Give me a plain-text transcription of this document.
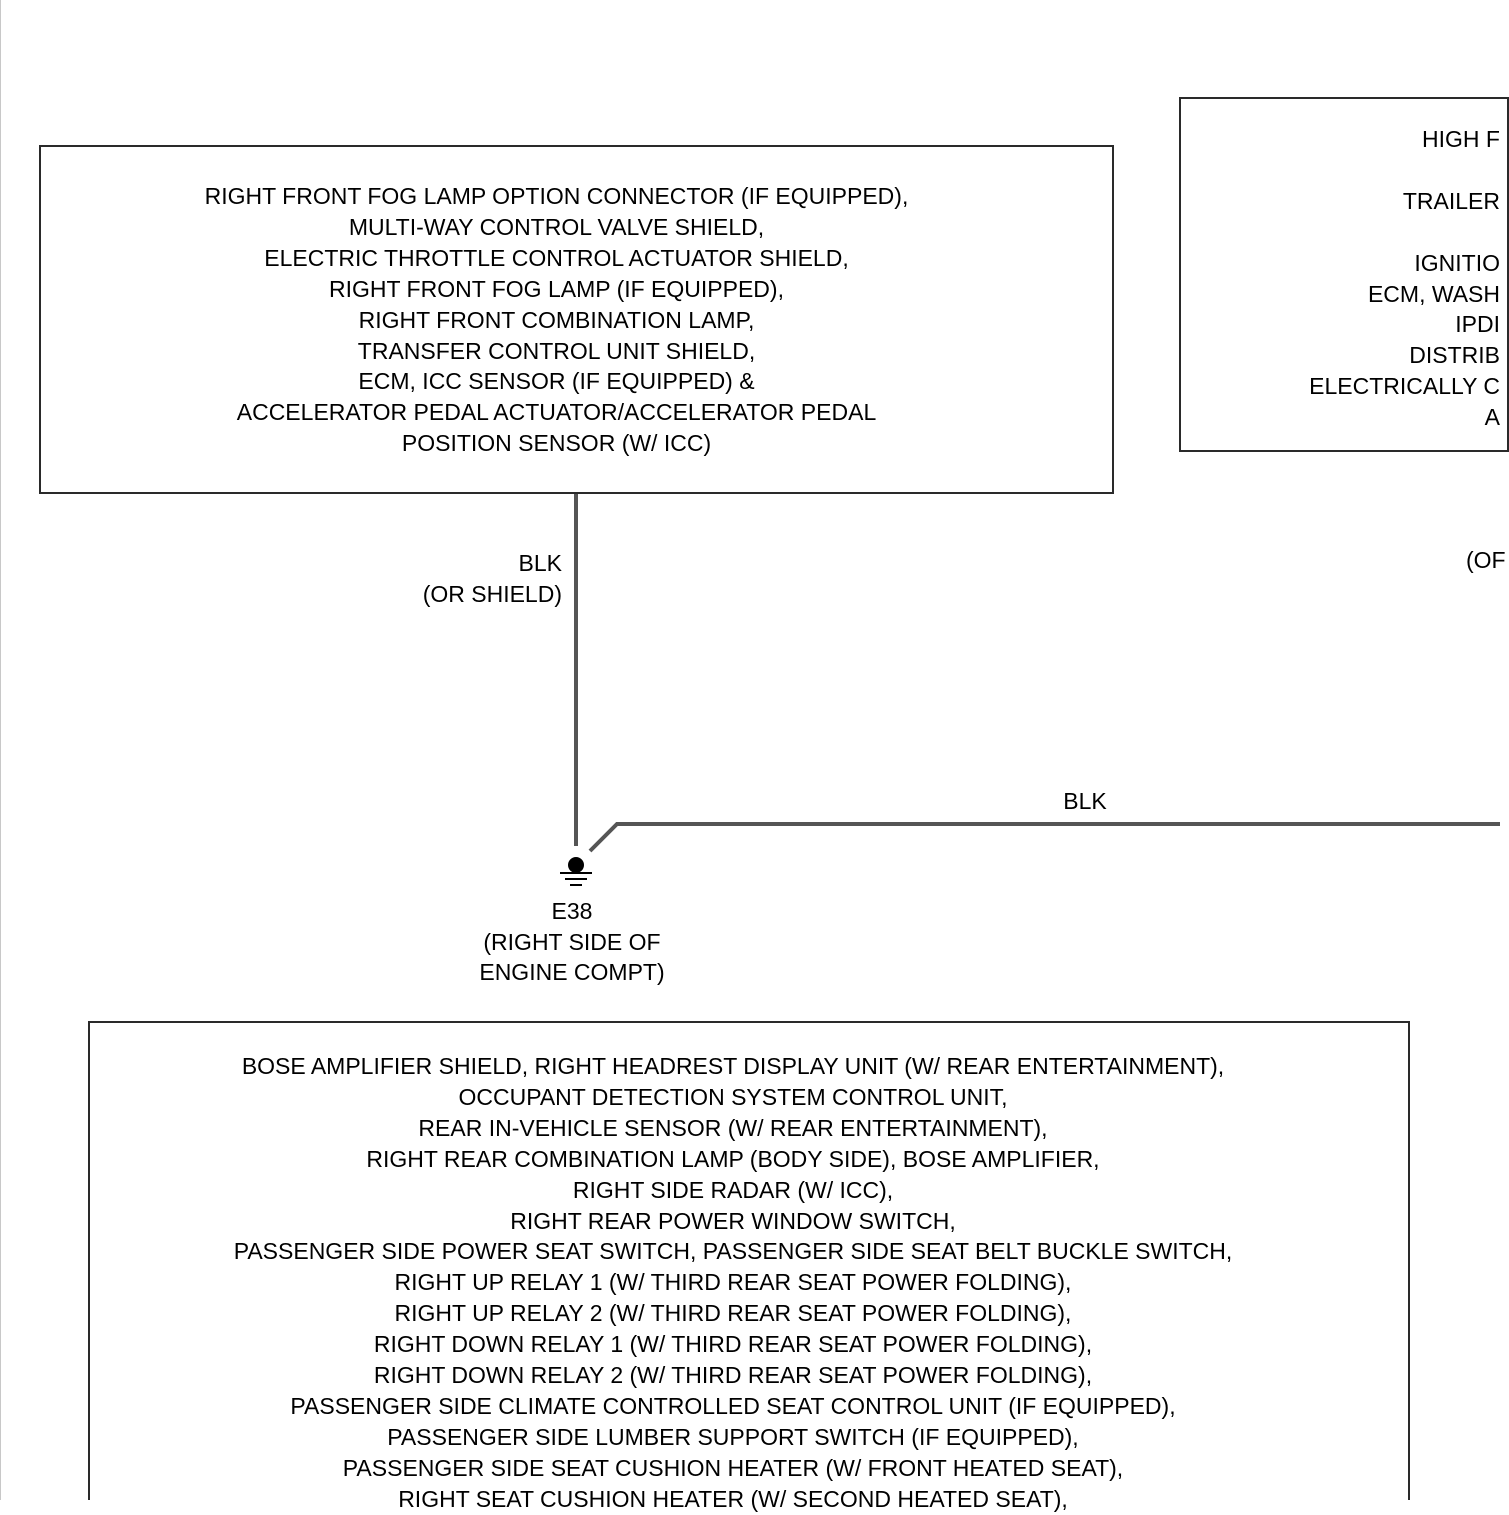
RIGHT FRONT FOG LAMP OPTION CONNECTOR (IF EQUIPPED),
MULTI-WAY CONTROL VALVE SHIELD,
ELECTRIC THROTTLE CONTROL ACTUATOR SHIELD,
RIGHT FRONT FOG LAMP (IF EQUIPPED),
RIGHT FRONT COMBINATION LAMP,
TRANSFER CONTROL UNIT SHIELD,
ECM, ICC SENSOR (IF EQUIPPED) &
ACCELERATOR PEDAL ACTUATOR/ACCELERATOR PEDAL
POSITION SENSOR (W/ ICC)
HIGH F

TRAILER

IGNITIO
ECM, WASH
IPDI
DISTRIB
ELECTRICALLY C
A
BLK
(OR SHIELD)
(OF
BLK
E38
(RIGHT SIDE OF
ENGINE COMPT)
BOSE AMPLIFIER SHIELD, RIGHT HEADREST DISPLAY UNIT (W/ REAR ENTERTAINMENT),
OCCUPANT DETECTION SYSTEM CONTROL UNIT,
REAR IN-VEHICLE SENSOR (W/ REAR ENTERTAINMENT),
RIGHT REAR COMBINATION LAMP (BODY SIDE), BOSE AMPLIFIER,
RIGHT SIDE RADAR (W/ ICC),
RIGHT REAR POWER WINDOW SWITCH,
PASSENGER SIDE POWER SEAT SWITCH, PASSENGER SIDE SEAT BELT BUCKLE SWITCH,
RIGHT UP RELAY 1 (W/ THIRD REAR SEAT POWER FOLDING),
RIGHT UP RELAY 2 (W/ THIRD REAR SEAT POWER FOLDING),
RIGHT DOWN RELAY 1 (W/ THIRD REAR SEAT POWER FOLDING),
RIGHT DOWN RELAY 2 (W/ THIRD REAR SEAT POWER FOLDING),
PASSENGER SIDE CLIMATE CONTROLLED SEAT CONTROL UNIT (IF EQUIPPED),
PASSENGER SIDE LUMBER SUPPORT SWITCH (IF EQUIPPED),
PASSENGER SIDE SEAT CUSHION HEATER (W/ FRONT HEATED SEAT),
RIGHT SEAT CUSHION HEATER (W/ SECOND HEATED SEAT),
